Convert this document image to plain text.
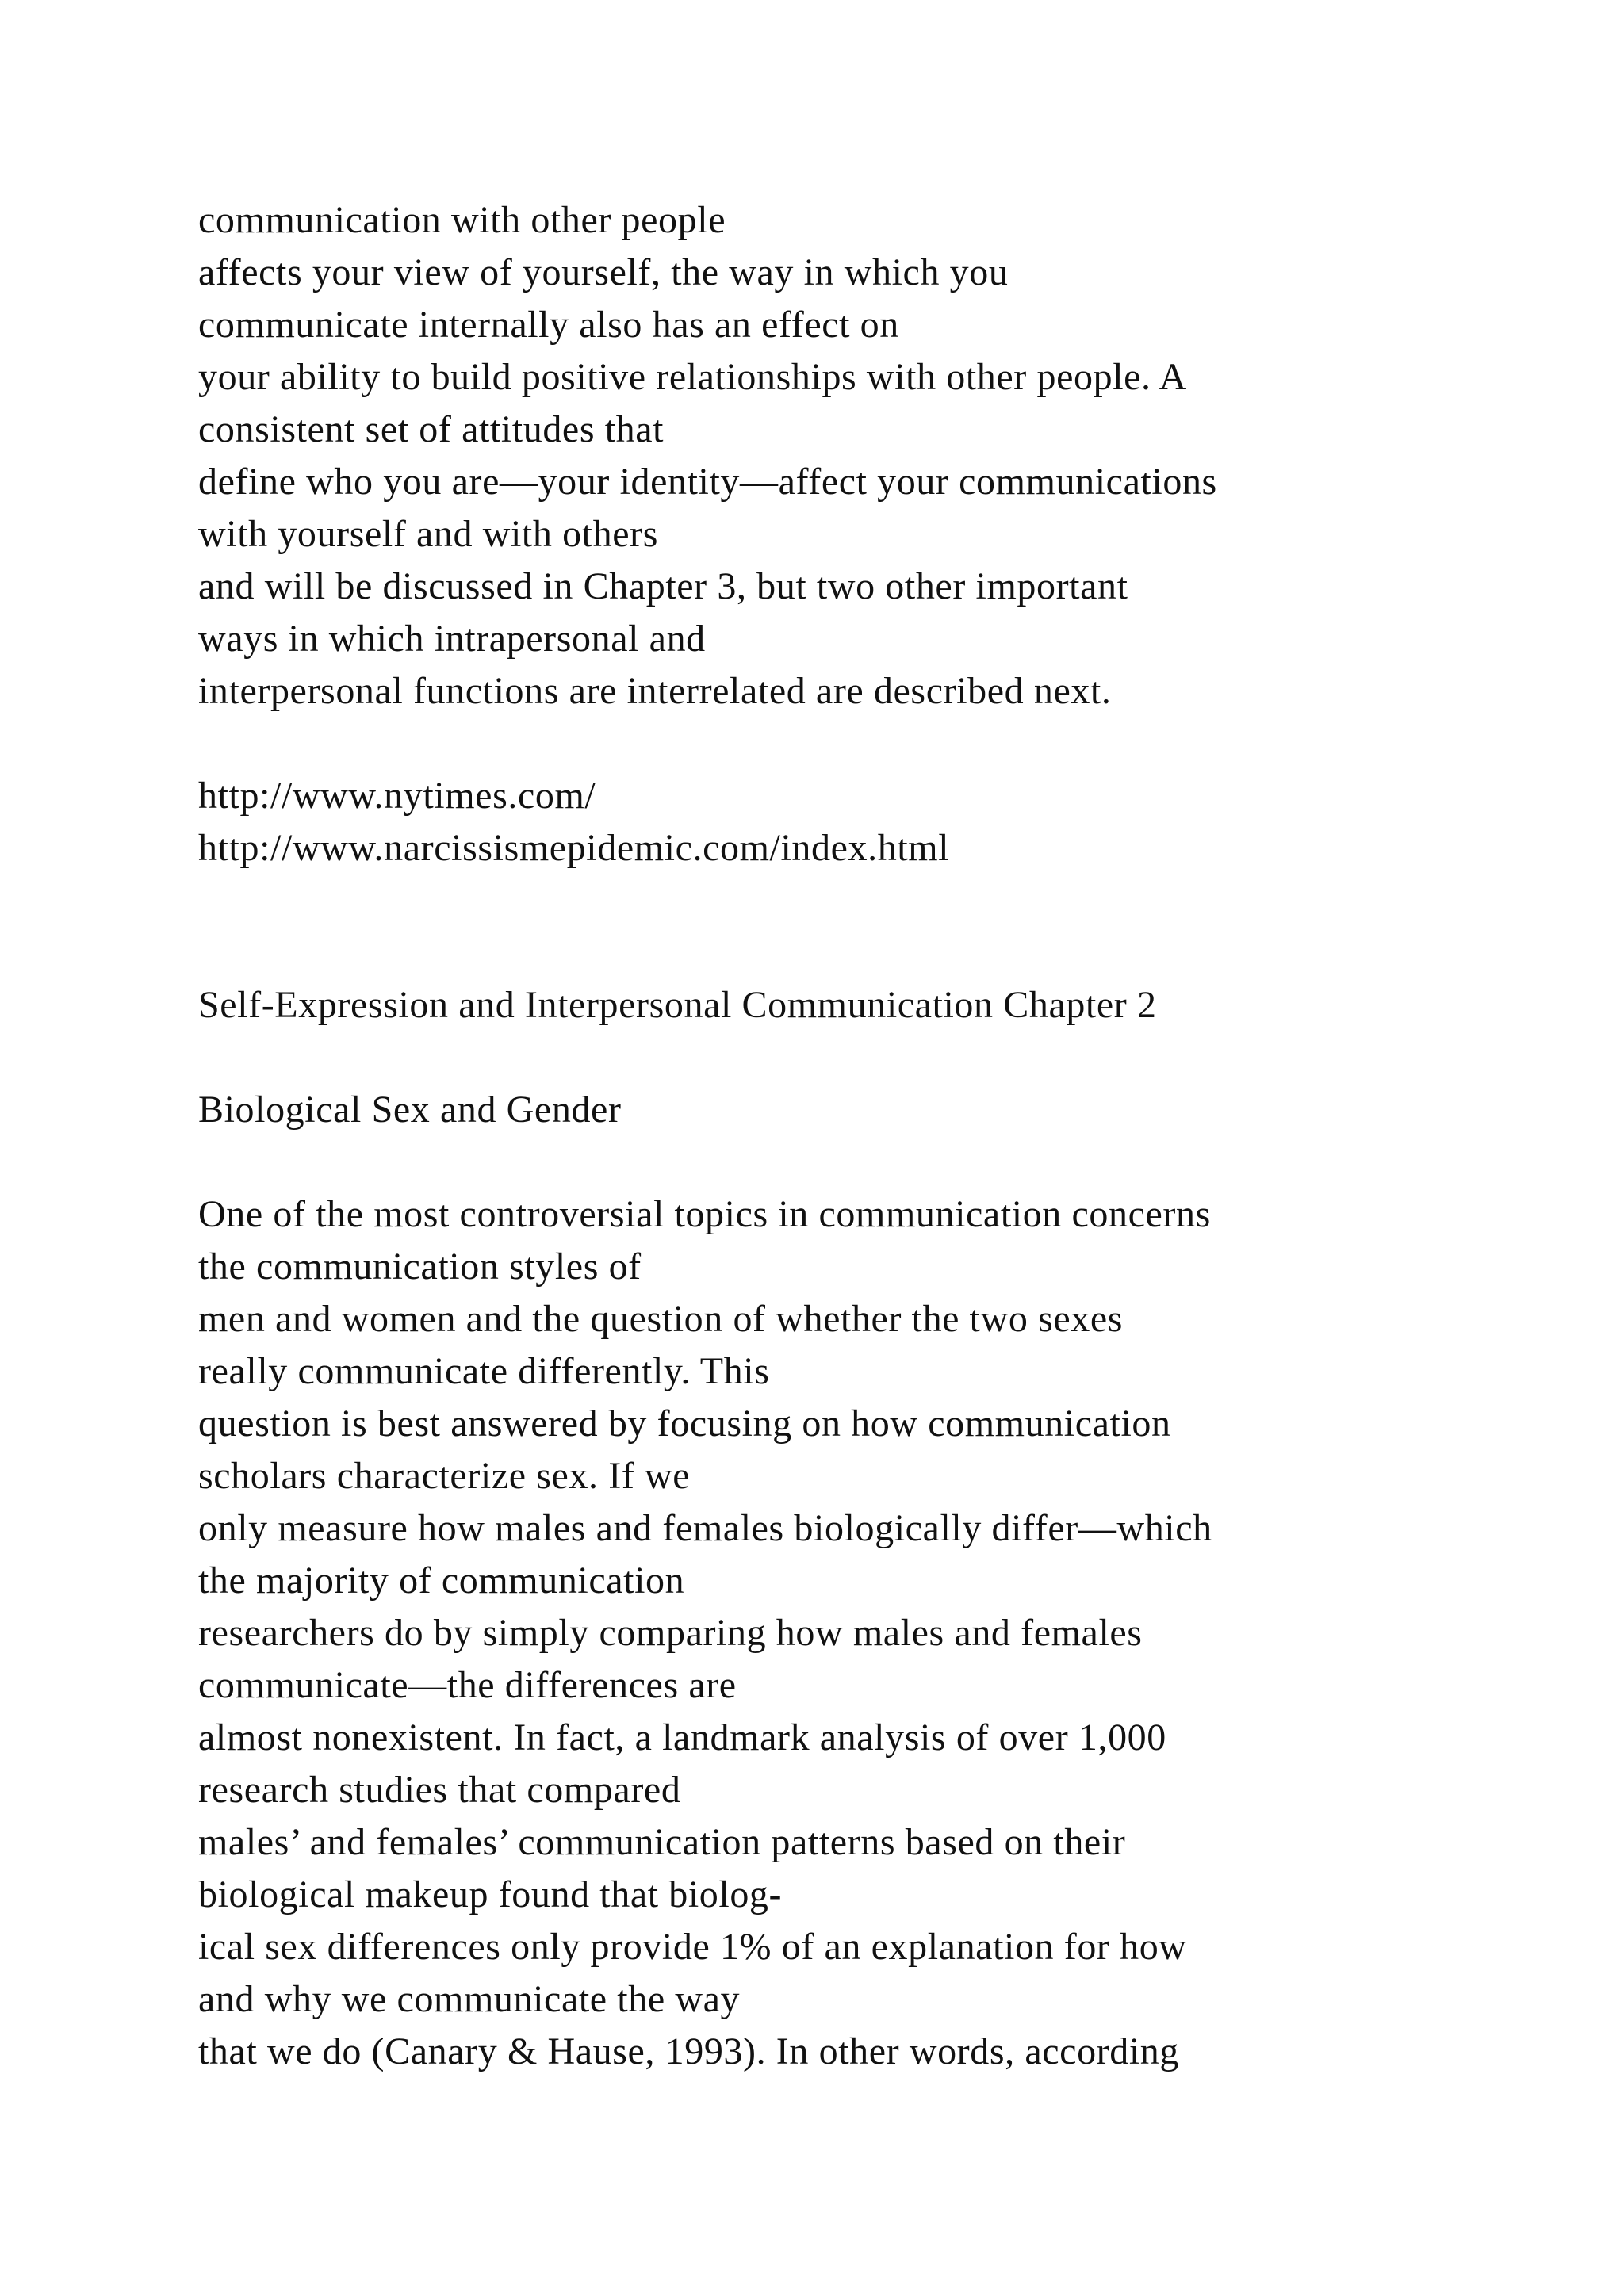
communication with other people
affects your view of yourself, the way in which you
communicate internally also has an effect on
your ability to build positive relationships with other people. A
consistent set of attitudes that
define who you are—your identity—affect your communications
with yourself and with others
and will be discussed in Chapter 3, but two other important
ways in which intrapersonal and
interpersonal functions are interrelated are described next.
http://www.nytimes.com/
http://www.narcissismepidemic.com/index.html
Self-Expression and Interpersonal Communication Chapter 2
Biological Sex and Gender
One of the most controversial topics in communication concerns
the communication styles of
men and women and the question of whether the two sexes
really communicate differently. This
question is best answered by focusing on how communication
scholars characterize sex. If we
only measure how males and females biologically differ—which
the majority of communication
researchers do by simply comparing how males and females
communicate—the differences are
almost nonexistent. In fact, a landmark analysis of over 1,000
research studies that compared
males’ and females’ communication patterns based on their
biological makeup found that biolog-
ical sex differences only provide 1% of an explanation for how
and why we communicate the way
that we do (Canary & Hause, 1993). In other words, according
